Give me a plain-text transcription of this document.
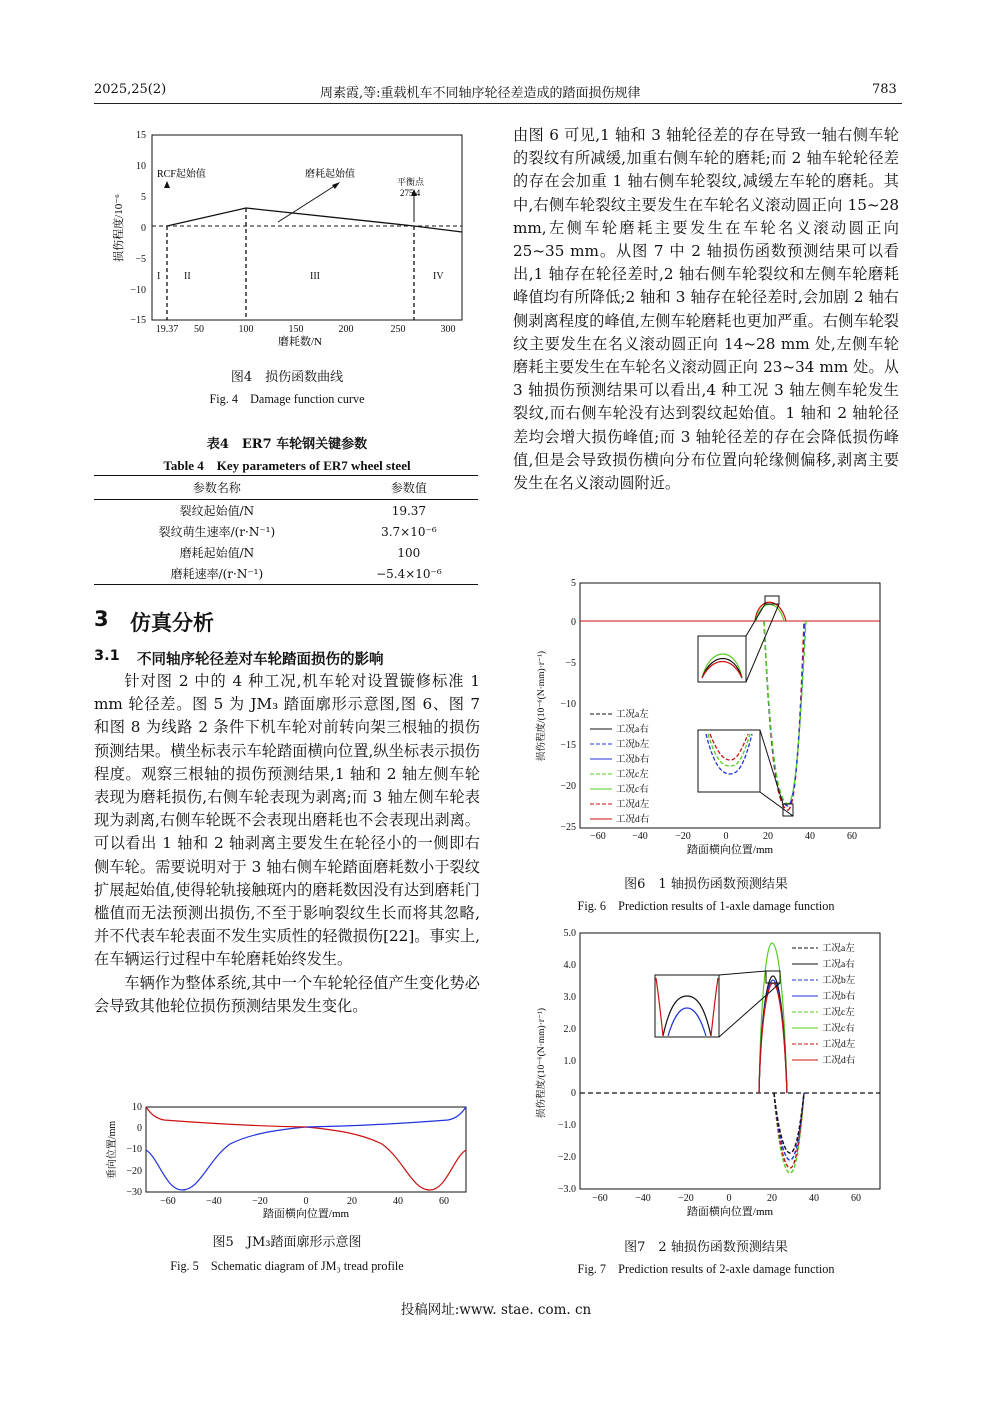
2025,25(2)	周素霞,等:重载机车不同轴序轮径差造成的踏面损伤规律	783
15
10
5
0
−5
−10
−15
19.37 50	100	150	200	250	300
磨耗数/N
损伤程度/10⁻⁶
RCF起始值	磨耗起始值
平衡点
275.4
I II	III	IV
图4　损伤函数曲线
Fig. 4　Damage function curve
表4　ER7 车轮钢关键参数
Table 4　Key parameters of ER7 wheel steel
参数名称	参数值
裂纹起始值/N	19.37
裂纹萌生速率/(r·N⁻¹)	3.7×10⁻⁶
磨耗起始值/N	100
磨耗速率/(r·N⁻¹)	−5.4×10⁻⁶
3 仿真分析
3.1 不同轴序轮径差对车轮踏面损伤的影响

针对图 2 中的 4 种工况,机车轮对设置镟修标准 1 mm 轮径差。图 5 为 JM₃ 踏面廓形示意图,图 6、图 7 和图 8 为线路 2 条件下机车轮对前转向架三根轴的损伤预测结果。横坐标表示车轮踏面横向位置,纵坐标表示损伤程度。观察三根轴的损伤预测结果,1 轴和 2 轴左侧车轮表现为磨耗损伤,右侧车轮表现为剥离;而 3 轴左侧车轮表现为剥离,右侧车轮既不会表现出磨耗也不会表现出剥离。可以看出 1 轴和 2 轴剥离主要发生在轮径小的一侧即右侧车轮。需要说明对于 3 轴右侧车轮踏面磨耗数小于裂纹扩展起始值,使得轮轨接触斑内的磨耗数因没有达到磨耗门槛值而无法预测出损伤,不至于影响裂纹生长而将其忽略,并不代表车轮表面不发生实质性的轻微损伤[22]。事实上,在车辆运行过程中车轮磨耗始终发生。

车辆作为整体系统,其中一个车轮轮径值产生变化势必会导致其他轮位损伤预测结果发生变化。

10
0
−10
−20
−30
−60	−40	−20	0	20	40	60
踏面横向位置/mm
垂向位置/mm
图5　JM₃踏面廓形示意图
Fig. 5　Schematic diagram of JM₃ tread profile

由图 6 可见,1 轴和 3 轴轮径差的存在导致一轴右侧车轮的裂纹有所减缓,加重右侧车轮的磨耗;而 2 轴车轮轮径差的存在会加重 1 轴右侧车轮裂纹,减缓左车轮的磨耗。其中,右侧车轮裂纹主要发生在车轮名义滚动圆正向 15~28 mm,左侧车轮磨耗主要发生在车轮名义滚动圆正向 25~35 mm。从图 7 中 2 轴损伤函数预测结果可以看出,1 轴存在轮径差时,2 轴右侧车轮裂纹和左侧车轮磨耗峰值均有所降低;2 轴和 3 轴存在轮径差时,会加剧 2 轴右侧剥离程度的峰值,左侧车轮磨耗也更加严重。右侧车轮裂纹主要发生在名义滚动圆正向 14~28 mm 处,左侧车轮磨耗主要发生在车轮名义滚动圆正向 23~34 mm 处。从 3 轴损伤预测结果可以看出,4 种工况 3 轴左侧车轮发生裂纹,而右侧车轮没有达到裂纹起始值。1 轴和 2 轴轮径差均会增大损伤峰值;而 3 轴轮径差的存在会降低损伤峰值,但是会导致损伤横向分布位置向轮缘侧偏移,剥离主要发生在名义滚动圆附近。

5
0
−5
−10
−15
−20
−25
−60	−40	−20	0	20	40	60
踏面横向位置/mm
损伤程度/(10⁻⁶(N·mm)·r⁻¹)	工况a左
工况a右
工况b左
工况b右
工况c左
工况c右
工况d左
工况d右
图6　1 轴损伤函数预测结果
Fig. 6　Prediction results of 1-axle damage function
5.0
4.0
3.0
2.0
1.0
0
−1.0
−2.0
−3.0
−60	−40	−20	0	20	40	60
踏面横向位置/mm
损伤程度/(10⁻⁶(N·mm)·r⁻¹)
工况a左
工况a右
工况b左
工况b右
工况c左
工况c右
工况d左
工况d右
图7　2 轴损伤函数预测结果
Fig. 7　Prediction results of 2-axle damage function
投稿网址:www. stae. com. cn
